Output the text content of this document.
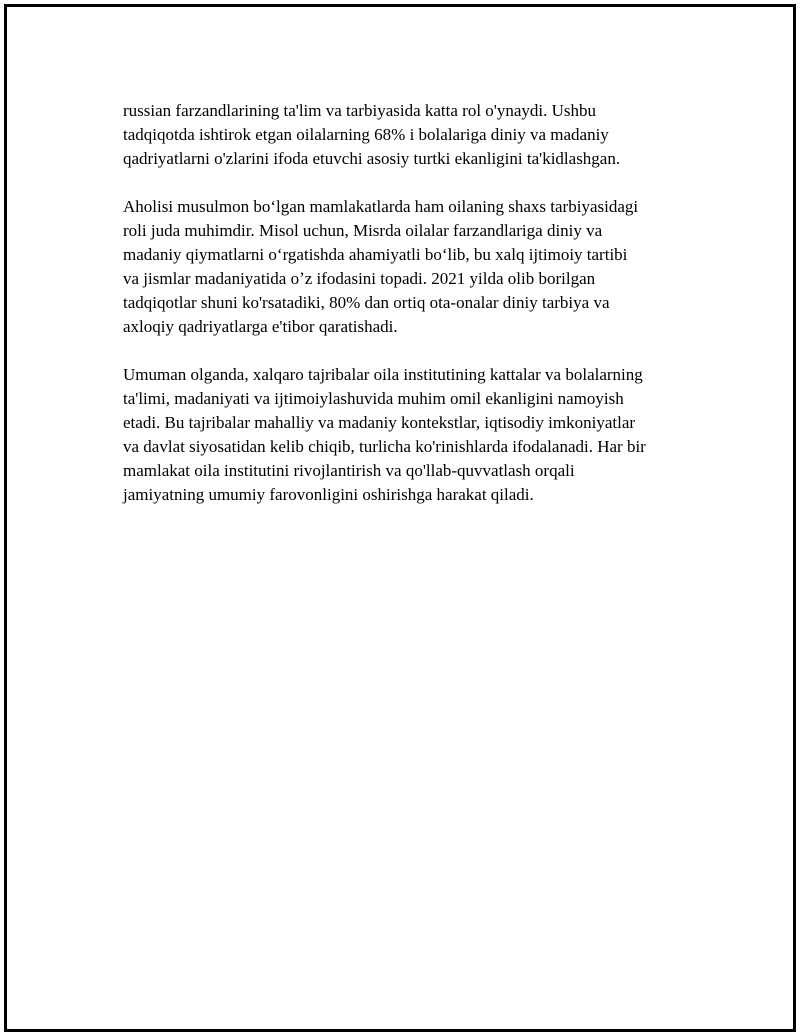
russian farzandlarining ta'lim va tarbiyasida katta rol o'ynaydi. Ushbu
tadqiqotda ishtirok etgan oilalarning 68% i bolalariga diniy va madaniy
qadriyatlarni o'zlarini ifoda etuvchi asosiy turtki ekanligini ta'kidlashgan.

Aholisi musulmon boʻlgan mamlakatlarda ham oilaning shaxs tarbiyasidagi
roli juda muhimdir. Misol uchun, Misrda oilalar farzandlariga diniy va
madaniy qiymatlarni oʻrgatishda ahamiyatli boʻlib, bu xalq ijtimoiy tartibi
va jismlar madaniyatida oʼz ifodasini topadi. 2021 yilda olib borilgan
tadqiqotlar shuni ko'rsatadiki, 80% dan ortiq ota-onalar diniy tarbiya va
axloqiy qadriyatlarga e'tibor qaratishadi.

Umuman olganda, xalqaro tajribalar oila institutining kattalar va bolalarning
ta'limi, madaniyati va ijtimoiylashuvida muhim omil ekanligini namoyish
etadi. Bu tajribalar mahalliy va madaniy kontekstlar, iqtisodiy imkoniyatlar
va davlat siyosatidan kelib chiqib, turlicha ko'rinishlarda ifodalanadi. Har bir
mamlakat oila institutini rivojlantirish va qo'llab-quvvatlash orqali
jamiyatning umumiy farovonligini oshirishga harakat qiladi.
